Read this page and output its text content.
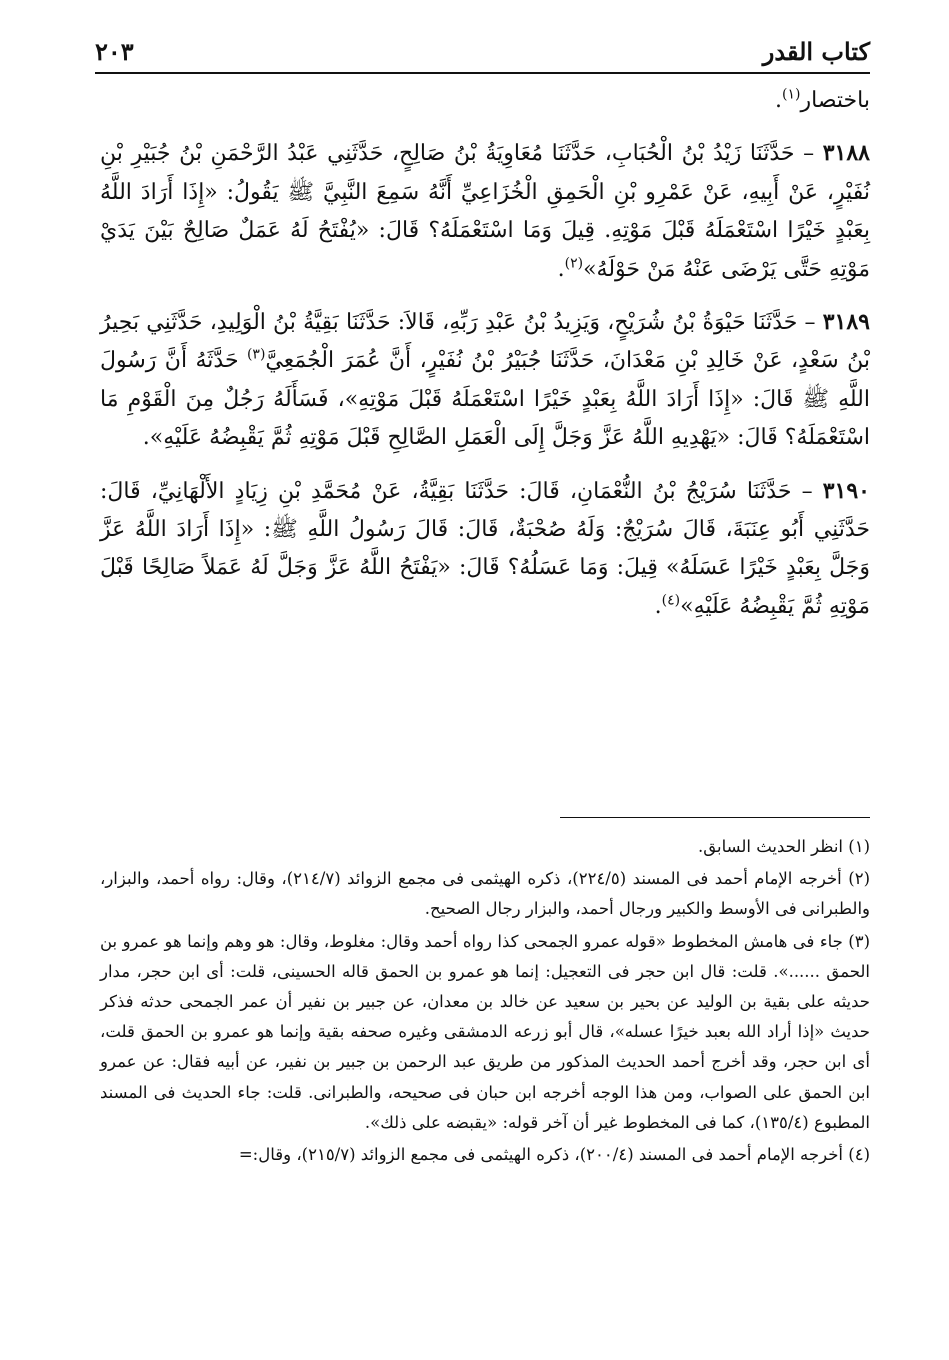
٢٠٣	كتاب القدر

باختصار$^{(١)}$.

٣١٨٨ – حَدَّثَنَا زَيْدُ بْنُ الْحُبَابِ، حَدَّثَنَا مُعَاوِيَةُ بْنُ صَالِحٍ، حَدَّثَنِي عَبْدُ الرَّحْمَنِ بْنُ جُبَيْرِ بْنِ نُفَيْرٍ، عَنْ أَبِيهِ، عَنْ عَمْرِو بْنِ الْحَمِقِ الْخُزَاعِيِّ أَنَّهُ سَمِعَ النَّبِيَّ ﷺ يَقُولُ: «إِذَا أَرَادَ اللَّهُ بِعَبْدٍ خَيْرًا اسْتَعْمَلَهُ قَبْلَ مَوْتِهِ. قِيلَ وَمَا اسْتَعْمَلَهُ؟ قَالَ: «يُفْتَحُ لَهُ عَمَلٌ صَالِحٌ بَيْنَ يَدَيْ مَوْتِهِ حَتَّى يَرْضَى عَنْهُ مَنْ حَوْلَهُ»$^{(٢)}$.

٣١٨٩ – حَدَّثَنَا حَيْوَةُ بْنُ شُرَيْحٍ، وَيَزِيدُ بْنُ عَبْدِ رَبِّهِ، قَالاَ: حَدَّثَنَا بَقِيَّةُ بْنُ الْوَلِيدِ، حَدَّثَنِي بَحِيرُ بْنُ سَعْدٍ، عَنْ خَالِدِ بْنِ مَعْدَانَ، حَدَّثَنَا جُبَيْرُ بْنُ نُفَيْرٍ، أَنَّ عُمَرَ الْجُمَعِيَّ$^{(٣)}$ حَدَّثَهُ أَنَّ رَسُولَ اللَّهِ ﷺ قَالَ: «إِذَا أَرَادَ اللَّهُ بِعَبْدٍ خَيْرًا اسْتَعْمَلَهُ قَبْلَ مَوْتِهِ»، فَسَأَلَهُ رَجُلٌ مِنَ الْقَوْمِ مَا اسْتَعْمَلَهُ؟ قَالَ: «يَهْدِيهِ اللَّهُ عَزَّ وَجَلَّ إِلَى الْعَمَلِ الصَّالِحِ قَبْلَ مَوْتِهِ ثُمَّ يَقْبِضُهُ عَلَيْهِ».

٣١٩٠ – حَدَّثَنَا سُرَيْجُ بْنُ النُّعْمَانِ، قَالَ: حَدَّثَنَا بَقِيَّةُ، عَنْ مُحَمَّدِ بْنِ زِيَادٍ الأَلْهَانِيِّ، قَالَ: حَدَّثَنِي أَبُو عِنَبَةَ، قَالَ سُرَيْجٌ: وَلَهُ صُحْبَةٌ، قَالَ: قَالَ رَسُولُ اللَّهِ ﷺ: «إِذَا أَرَادَ اللَّهُ عَزَّ وَجَلَّ بِعَبْدٍ خَيْرًا عَسَلَهُ» قِيلَ: وَمَا عَسَلُهُ؟ قَالَ: «يَفْتَحُ اللَّهُ عَزَّ وَجَلَّ لَهُ عَمَلاً صَالِحًا قَبْلَ مَوْتِهِ ثُمَّ يَقْبِضُهُ عَلَيْهِ»$^{(٤)}$.

(١) انظر الحديث السابق.

(٢) أخرجه الإمام أحمد فى المسند (٢٢٤/٥)، ذكره الهيثمى فى مجمع الزوائد (٢١٤/٧)، وقال: رواه أحمد، والبزار، والطبرانى فى الأوسط والكبير ورجال أحمد، والبزار رجال الصحيح.

(٣) جاء فى هامش المخطوط «قوله عمرو الجمحى كذا رواه أحمد وقال: مغلوط، وقال: هو وهم وإنما هو عمرو بن الحمق ......». قلت: قال ابن حجر فى التعجيل: إنما هو عمرو بن الحمق قاله الحسينى، قلت: أى ابن حجر، مدار حديثه على بقية بن الوليد عن بحير بن سعيد عن خالد بن معدان، عن جبير بن نفير أن عمر الجمحى حدثه فذكر حديث «إذا أراد الله بعبد خيرًا عسله»، قال أبو زرعه الدمشقى وغيره صحفه بقية وإنما هو عمرو بن الحمق قلت، أى ابن حجر، وقد أخرج أحمد الحديث المذكور من طريق عبد الرحمن بن جبير بن نفير، عن أبيه فقال: عن عمرو ابن الحمق على الصواب، ومن هذا الوجه أخرجه ابن حبان فى صحيحه، والطبرانى. قلت: جاء الحديث فى المسند المطبوع (١٣٥/٤)، كما فى المخطوط غير أن آخر قوله: «يقبضه على ذلك».

(٤) أخرجه الإمام أحمد فى المسند (٢٠٠/٤)، ذكره الهيثمى فى مجمع الزوائد (٢١٥/٧)، وقال:=
